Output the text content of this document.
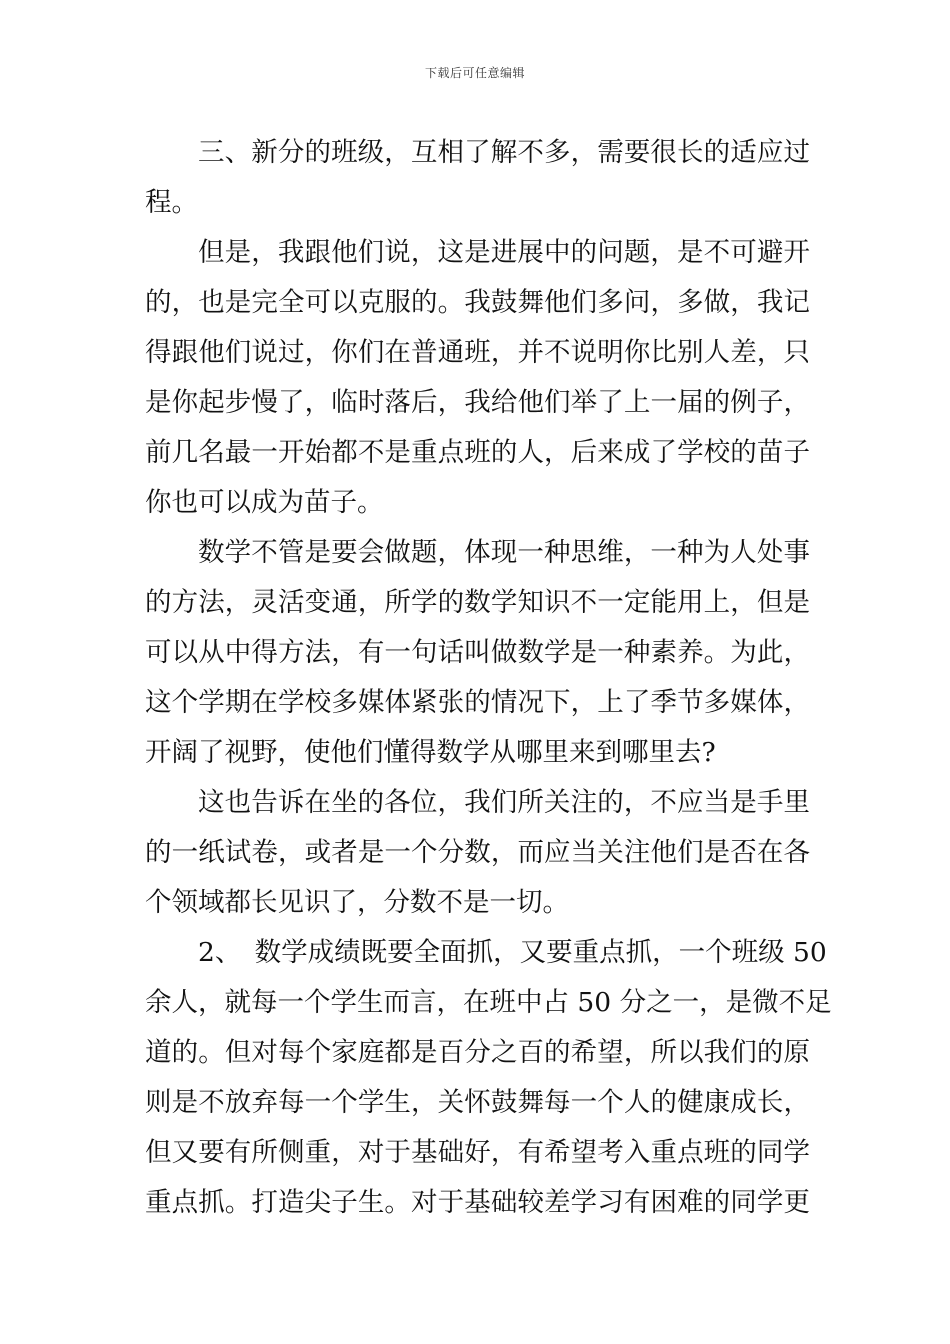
下载后可任意编辑
三、新分的班级，互相了解不多，需要很长的适应过
程。
但是，我跟他们说，这是进展中的问题，是不可避开
的，也是完全可以克服的。我鼓舞他们多问，多做，我记
得跟他们说过，你们在普通班，并不说明你比别人差，只
是你起步慢了，临时落后，我给他们举了上一届的例子，
前几名最一开始都不是重点班的人，后来成了学校的苗子
你也可以成为苗子。
数学不管是要会做题，体现一种思维，一种为人处事
的方法，灵活变通，所学的数学知识不一定能用上，但是
可以从中得方法，有一句话叫做数学是一种素养。为此，
这个学期在学校多媒体紧张的情况下，上了季节多媒体，
开阔了视野，使他们懂得数学从哪里来到哪里去?
这也告诉在坐的各位，我们所关注的，不应当是手里
的一纸试卷，或者是一个分数，而应当关注他们是否在各
个领域都长见识了，分数不是一切。
2、　数学成绩既要全面抓，又要重点抓，一个班级 50
余人，就每一个学生而言，在班中占 50 分之一，是微不足
道的。但对每个家庭都是百分之百的希望，所以我们的原
则是不放弃每一个学生，关怀鼓舞每一个人的健康成长，
但又要有所侧重，对于基础好，有希望考入重点班的同学
重点抓。打造尖子生。对于基础较差学习有困难的同学更
